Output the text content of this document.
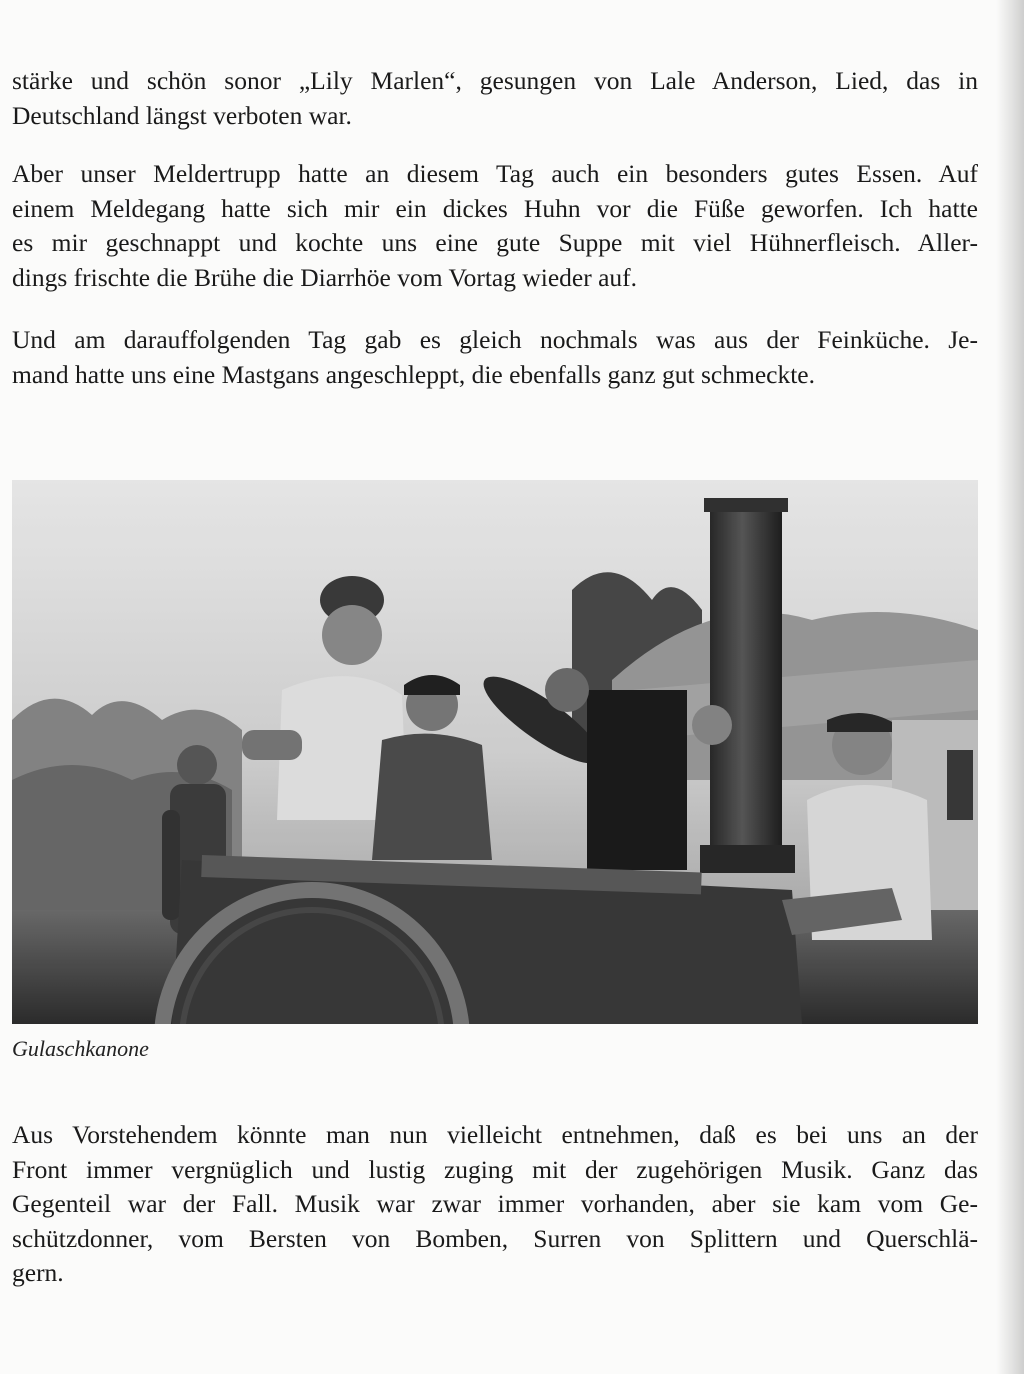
stärke und schön sonor „Lily Marlen“, gesungen von Lale Anderson, Lied, das in
Deutschland längst verboten war.
Aber unser Meldertrupp hatte an diesem Tag auch ein besonders gutes Essen. Auf
einem Meldegang hatte sich mir ein dickes Huhn vor die Füße geworfen. Ich hatte
es mir geschnappt und kochte uns eine gute Suppe mit viel Hühnerfleisch. Aller-
dings frischte die Brühe die Diarrhöe vom Vortag wieder auf.
Und am darauffolgenden Tag gab es gleich nochmals was aus der Feinküche. Je-
mand hatte uns eine Mastgans angeschleppt, die ebenfalls ganz gut schmeckte.
Gulaschkanone
Aus Vorstehendem könnte man nun vielleicht entnehmen, daß es bei uns an der
Front immer vergnüglich und lustig zuging mit der zugehörigen Musik. Ganz das
Gegenteil war der Fall. Musik war zwar immer vorhanden, aber sie kam vom Ge-
schützdonner, vom Bersten von Bomben, Surren von Splittern und Querschlä-
gern.
